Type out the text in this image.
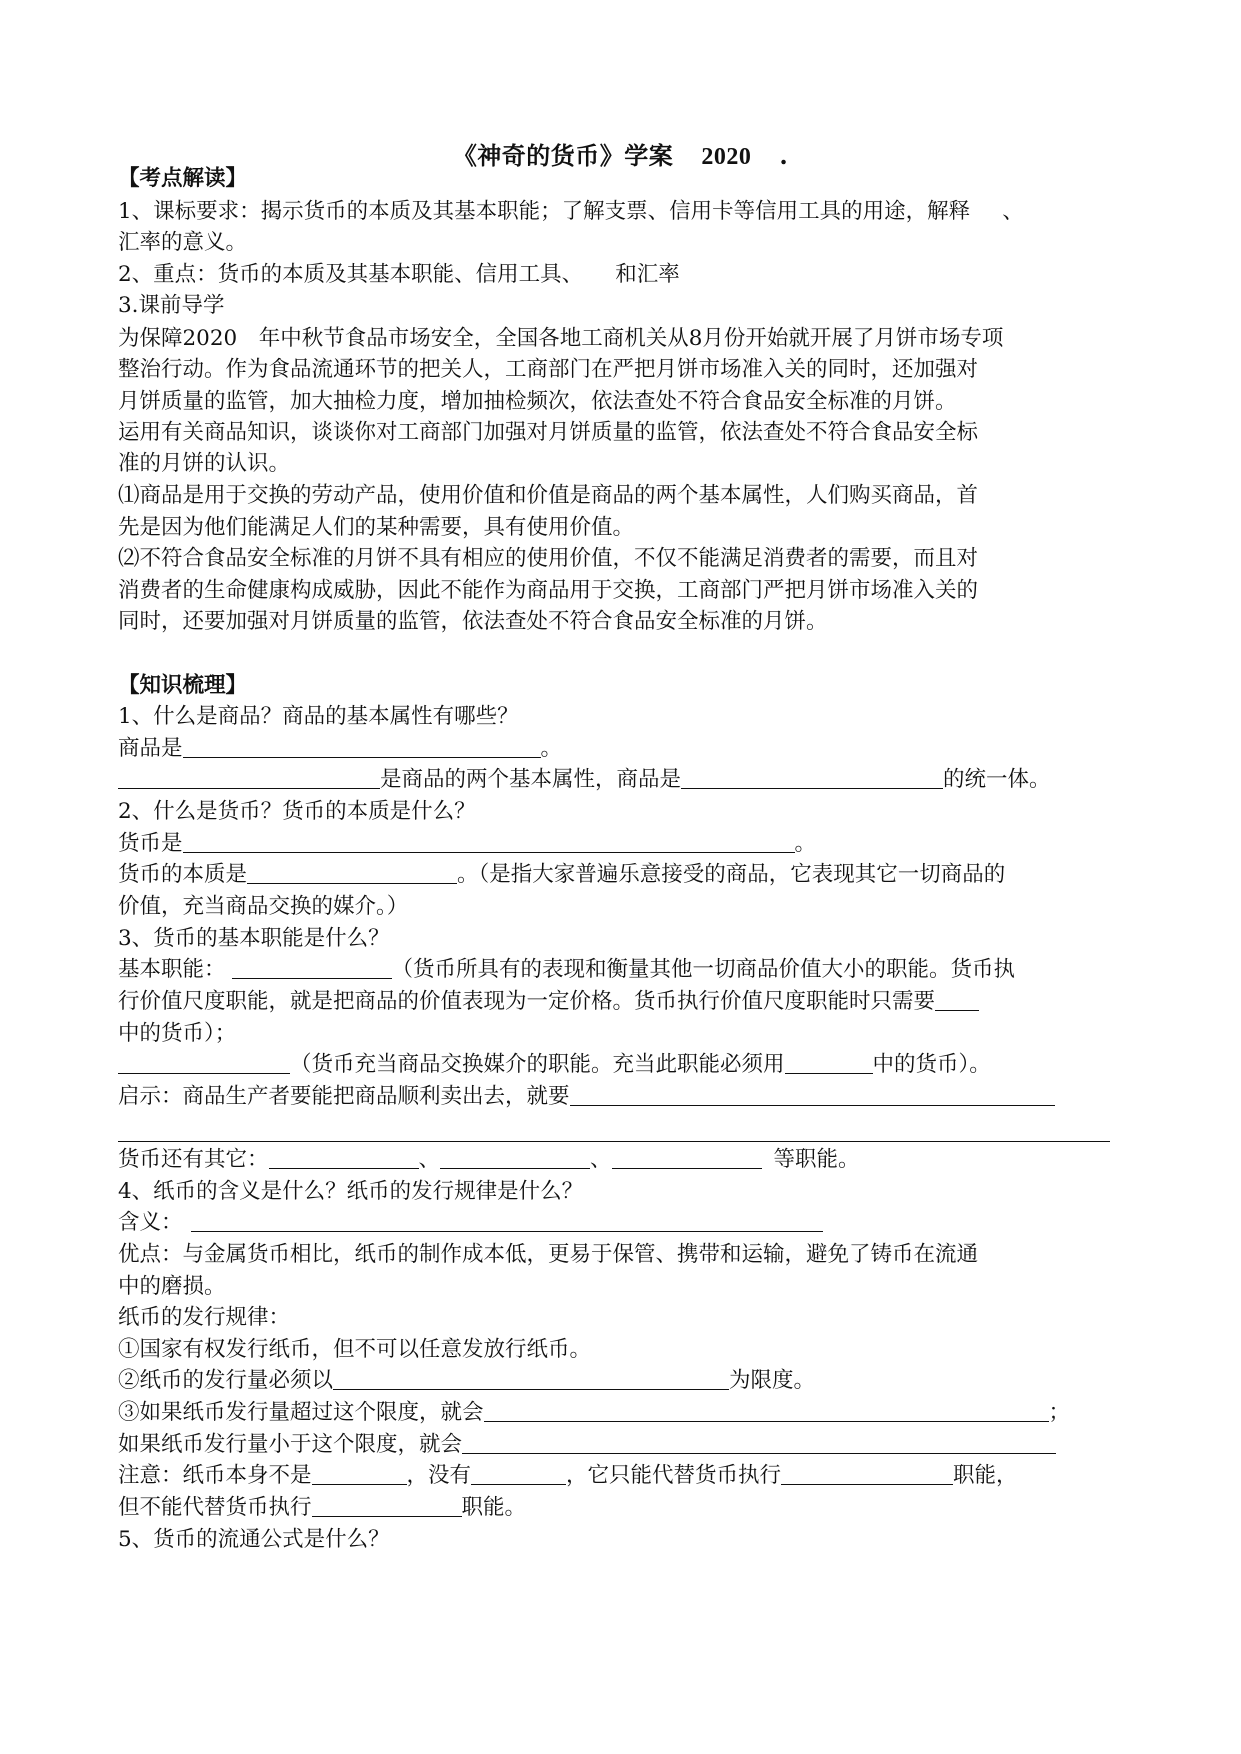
《神奇的货币》学案 2020 .
【考点解读】
1、课标要求：揭示货币的本质及其基本职能；了解支票、信用卡等信用工具的用途，解释 、
汇率的意义。
2、重点：货币的本质及其基本职能、信用工具、 和汇率
3.课前导学
为保障2020　年中秋节食品市场安全，全国各地工商机关从8月份开始就开展了月饼市场专项
整治行动。作为食品流通环节的把关人，工商部门在严把月饼市场准入关的同时，还加强对
月饼质量的监管，加大抽检力度，增加抽检频次，依法查处不符合食品安全标准的月饼。
运用有关商品知识，谈谈你对工商部门加强对月饼质量的监管，依法查处不符合食品安全标
准的月饼的认识。
⑴商品是用于交换的劳动产品，使用价值和价值是商品的两个基本属性，人们购买商品，首
先是因为他们能满足人们的某种需要，具有使用价值。
⑵不符合食品安全标准的月饼不具有相应的使用价值，不仅不能满足消费者的需要，而且对
消费者的生命健康构成威胁，因此不能作为商品用于交换，工商部门严把月饼市场准入关的
同时，还要加强对月饼质量的监管，依法查处不符合食品安全标准的月饼。
【知识梳理】
1、什么是商品？商品的基本属性有哪些？
商品是	。
是商品的两个基本属性，商品是	的统一体。
2、什么是货币？货币的本质是什么？
货币是	。
货币的本质是	。（是指大家普遍乐意接受的商品，它表现其它一切商品的
价值，充当商品交换的媒介。）
3、货币的基本职能是什么？
基本职能：	（货币所具有的表现和衡量其他一切商品价值大小的职能。货币执
行价值尺度职能，就是把商品的价值表现为一定价格。货币执行价值尺度职能时只需要
中的货币）；
（货币充当商品交换媒介的职能。充当此职能必须用	中的货币）。
启示：商品生产者要能把商品顺利卖出去，就要
货币还有其它：	、	、	等职能。
4、纸币的含义是什么？纸币的发行规律是什么？
含义：
优点：与金属货币相比，纸币的制作成本低，更易于保管、携带和运输，避免了铸币在流通
中的磨损。
纸币的发行规律：
①国家有权发行纸币，但不可以任意发放行纸币。
②纸币的发行量必须以	为限度。
③如果纸币发行量超过这个限度，就会	；
如果纸币发行量小于这个限度，就会
注意：纸币本身不是	，没有	，它只能代替货币执行	职能，
但不能代替货币执行	职能。
5、货币的流通公式是什么？
